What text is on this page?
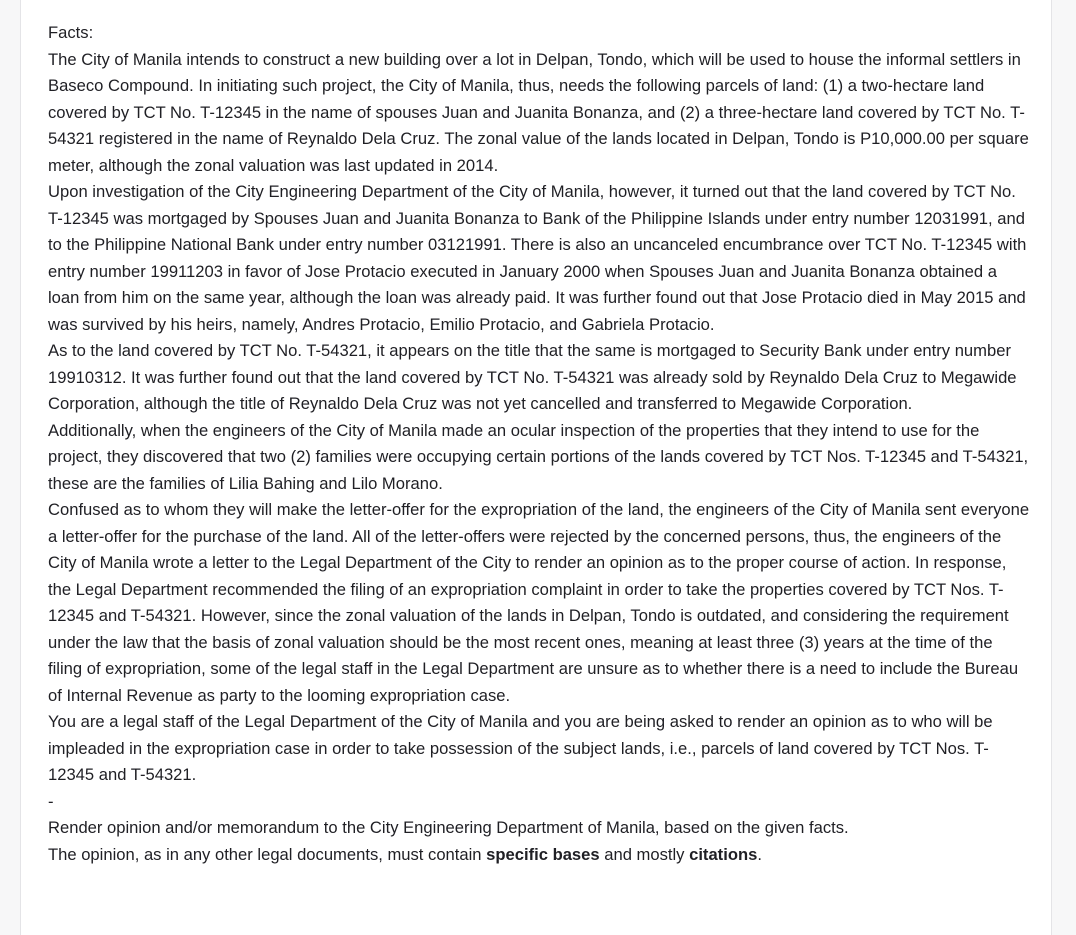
Facts:

The City of Manila intends to construct a new building over a lot in Delpan, Tondo, which will be used to house the informal settlers in Baseco Compound. In initiating such project, the City of Manila, thus, needs the following parcels of land: (1) a two-hectare land covered by TCT No. T-12345 in the name of spouses Juan and Juanita Bonanza, and (2) a three-hectare land covered by TCT No. T-54321 registered in the name of Reynaldo Dela Cruz. The zonal value of the lands located in Delpan, Tondo is P10,000.00 per square meter, although the zonal valuation was last updated in 2014.

Upon investigation of the City Engineering Department of the City of Manila, however, it turned out that the land covered by TCT No. T-12345 was mortgaged by Spouses Juan and Juanita Bonanza to Bank of the Philippine Islands under entry number 12031991, and to the Philippine National Bank under entry number 03121991. There is also an uncanceled encumbrance over TCT No. T-12345 with entry number 19911203 in favor of Jose Protacio executed in January 2000 when Spouses Juan and Juanita Bonanza obtained a loan from him on the same year, although the loan was already paid. It was further found out that Jose Protacio died in May 2015 and was survived by his heirs, namely, Andres Protacio, Emilio Protacio, and Gabriela Protacio.

As to the land covered by TCT No. T-54321, it appears on the title that the same is mortgaged to Security Bank under entry number 19910312. It was further found out that the land covered by TCT No. T-54321 was already sold by Reynaldo Dela Cruz to Megawide Corporation, although the title of Reynaldo Dela Cruz was not yet cancelled and transferred to Megawide Corporation.

Additionally, when the engineers of the City of Manila made an ocular inspection of the properties that they intend to use for the project, they discovered that two (2) families were occupying certain portions of the lands covered by TCT Nos. T-12345 and T-54321, these are the families of Lilia Bahing and Lilo Morano.

Confused as to whom they will make the letter-offer for the expropriation of the land, the engineers of the City of Manila sent everyone a letter-offer for the purchase of the land. All of the letter-offers were rejected by the concerned persons, thus, the engineers of the City of Manila wrote a letter to the Legal Department of the City to render an opinion as to the proper course of action. In response, the Legal Department recommended the filing of an expropriation complaint in order to take the properties covered by TCT Nos. T-12345 and T-54321. However, since the zonal valuation of the lands in Delpan, Tondo is outdated, and considering the requirement under the law that the basis of zonal valuation should be the most recent ones, meaning at least three (3) years at the time of the filing of expropriation, some of the legal staff in the Legal Department are unsure as to whether there is a need to include the Bureau of Internal Revenue as party to the looming expropriation case.

You are a legal staff of the Legal Department of the City of Manila and you are being asked to render an opinion as to who will be impleaded in the expropriation case in order to take possession of the subject lands, i.e., parcels of land covered by TCT Nos. T-12345 and T-54321.

-

Render opinion and/or memorandum to the City Engineering Department of Manila, based on the given facts.

The opinion, as in any other legal documents, must contain specific bases and mostly citations.
